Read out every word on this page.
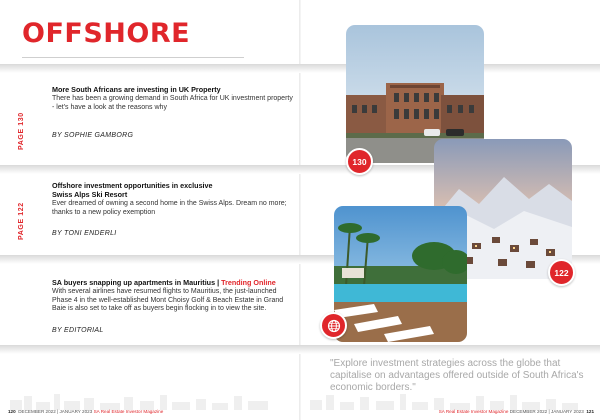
OFFSHORE
PAGE 130
More South Africans are investing in UK Property
There has been a growing demand in South Africa for UK investment property - let's have a look at the reasons why
BY SOPHIE GAMBORG
PAGE 122
Offshore investment opportunities in exclusive
Swiss Alps Ski Resort
Ever dreamed of owning a second home in the Swiss Alps. Dream no more; thanks to a new policy exemption
BY TONI ENDERLI
SA buyers snapping up apartments in Mauritius | Trending Online
With several airlines have resumed flights to Mauritius, the just-launched Phase 4 in the well-established Mont Choisy Golf & Beach Estate in Grand Baie is also set to take off as buyers begin flocking in to view the site.
BY EDITORIAL
130
122
"Explore investment strategies across the globe that capitalise on advantages offered outside of South Africa's economic borders."
120 DECEMBER 2022 | JANUARY 2023 SA Real Estate Investor Magazine	SA Real Estate Investor Magazine DECEMBER 2022 | JANUARY 2023 121
